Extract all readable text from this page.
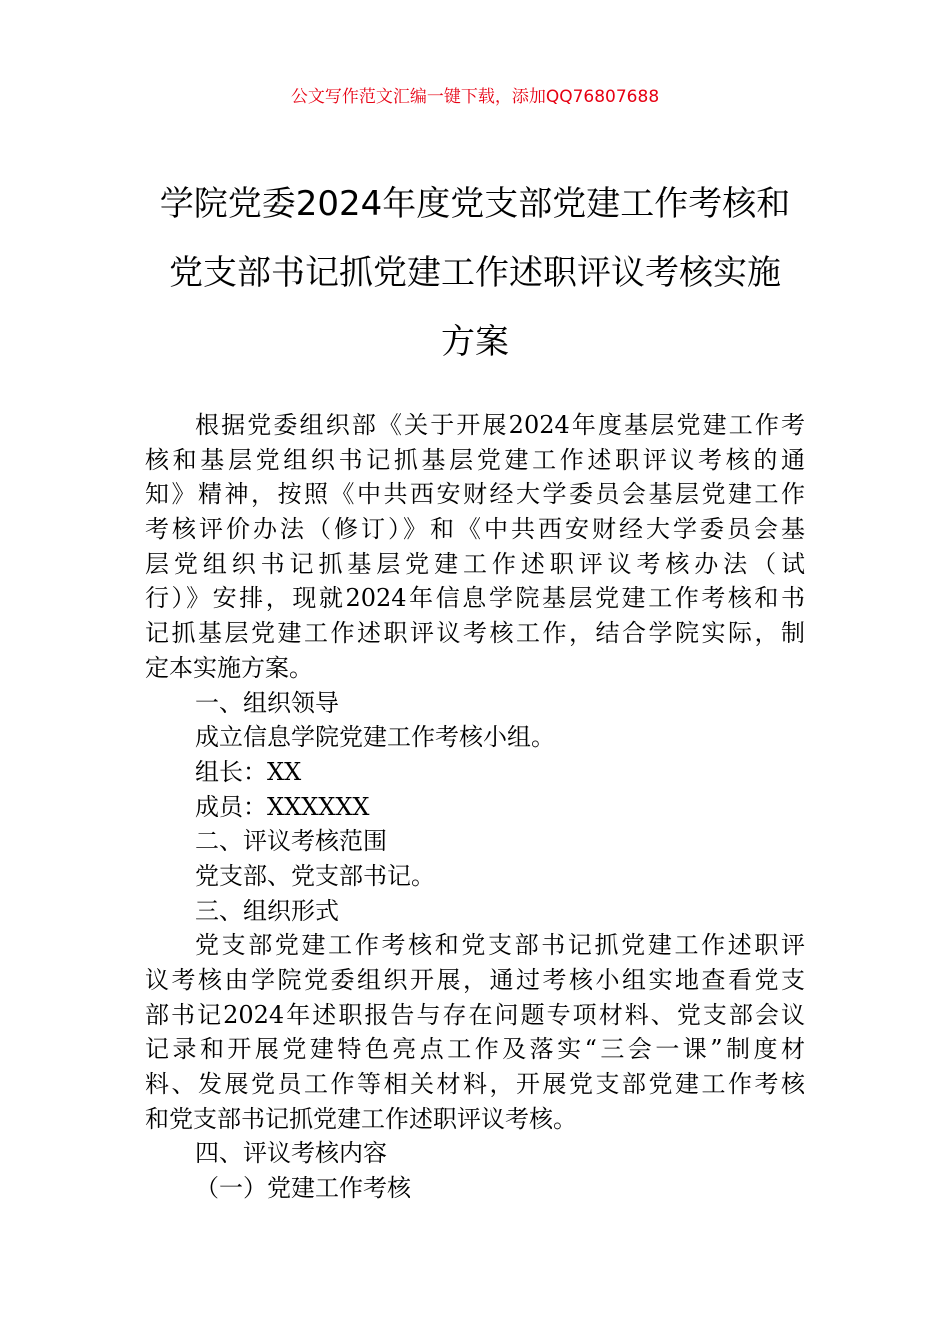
公文写作范文汇编一键下载，添加QQ76807688
学院党委2024年度党支部党建工作考核和
党支部书记抓党建工作述职评议考核实施
方案
根据党委组织部《关于开展2024年度基层党建工作考
核和基层党组织书记抓基层党建工作述职评议考核的通
知》精神，按照《中共西安财经大学委员会基层党建工作
考核评价办法（修订）》和《中共西安财经大学委员会基
层党组织书记抓基层党建工作述职评议考核办法（试
行）》安排，现就2024年信息学院基层党建工作考核和书
记抓基层党建工作述职评议考核工作，结合学院实际，制
定本实施方案。
一、组织领导
成立信息学院党建工作考核小组。
组长：XX
成员：XXXXXX
二、评议考核范围
党支部、党支部书记。
三、组织形式
党支部党建工作考核和党支部书记抓党建工作述职评
议考核由学院党委组织开展，通过考核小组实地查看党支
部书记2024年述职报告与存在问题专项材料、党支部会议
记录和开展党建特色亮点工作及落实“三会一课”制度材
料、发展党员工作等相关材料，开展党支部党建工作考核
和党支部书记抓党建工作述职评议考核。
四、评议考核内容
（一）党建工作考核
